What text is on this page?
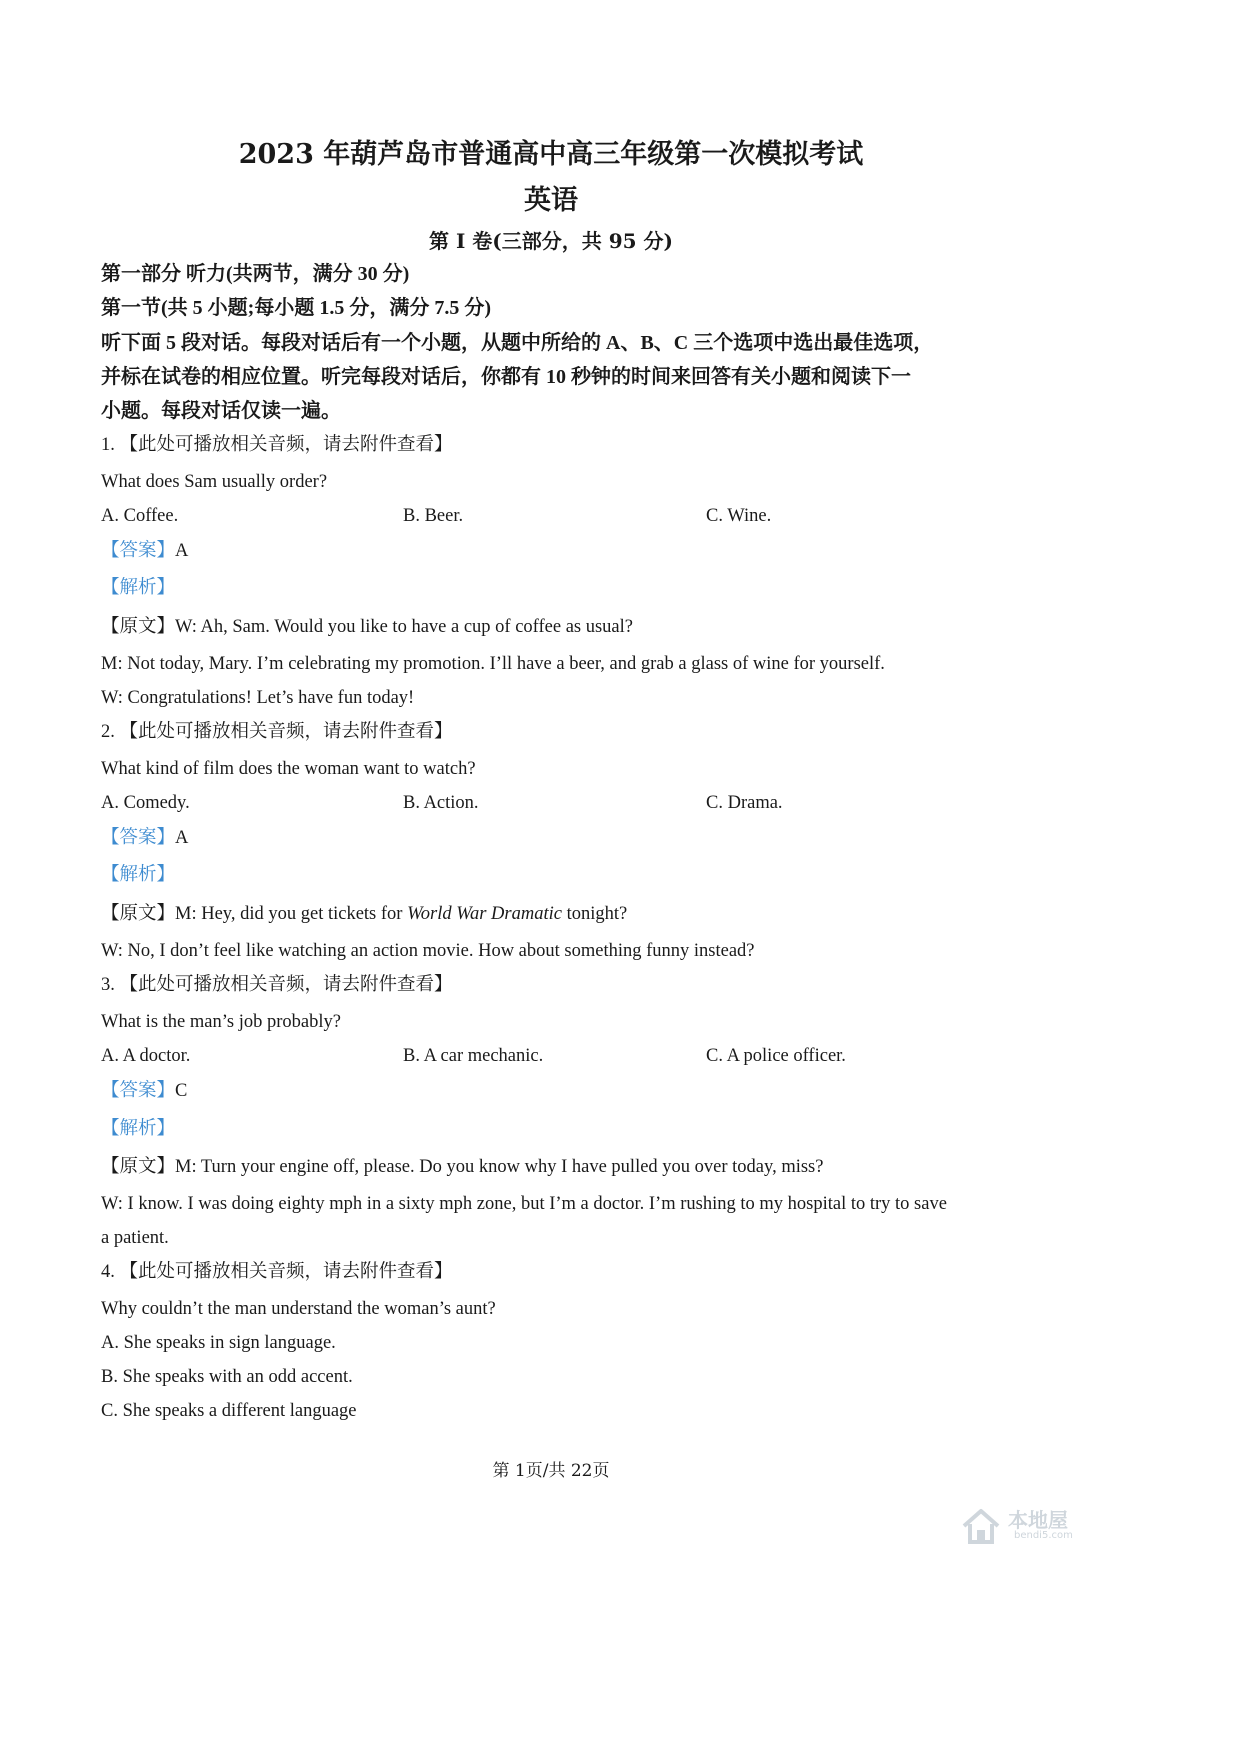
2023 年葫芦岛市普通高中高三年级第一次模拟考试
英语
第 I 卷(三部分，共 95 分)
第一部分 听力(共两节，满分 30 分)
第一节(共 5 小题;每小题 1.5 分，满分 7.5 分)
听下面 5 段对话。每段对话后有一个小题，从题中所给的 A、B、C 三个选项中选出最佳选项，
并标在试卷的相应位置。听完每段对话后，你都有 10 秒钟的时间来回答有关小题和阅读下一
小题。每段对话仅读一遍。
1. 【此处可播放相关音频，请去附件查看】
What does Sam usually order?
A. Coffee.	B. Beer.	C. Wine.
【答案】A
【解析】
【原文】W: Ah, Sam. Would you like to have a cup of coffee as usual?
M: Not today, Mary. I’m celebrating my promotion. I’ll have a beer, and grab a glass of wine for yourself.
W: Congratulations! Let’s have fun today!
2. 【此处可播放相关音频，请去附件查看】
What kind of film does the woman want to watch?
A. Comedy.	B. Action.	C. Drama.
【答案】A
【解析】
【原文】M: Hey, did you get tickets for World War Dramatic tonight?
W: No, I don’t feel like watching an action movie. How about something funny instead?
3. 【此处可播放相关音频，请去附件查看】
What is the man’s job probably?
A. A doctor.	B. A car mechanic.	C. A police officer.
【答案】C
【解析】
【原文】M: Turn your engine off, please. Do you know why I have pulled you over today, miss?
W: I know. I was doing eighty mph in a sixty mph zone, but I’m a doctor. I’m rushing to my hospital to try to save
a patient.
4. 【此处可播放相关音频，请去附件查看】
Why couldn’t the man understand the woman’s aunt?
A. She speaks in sign language.
B. She speaks with an odd accent.
C. She speaks a different language
第 1页/共 22页
本地屋
bendi5.com
